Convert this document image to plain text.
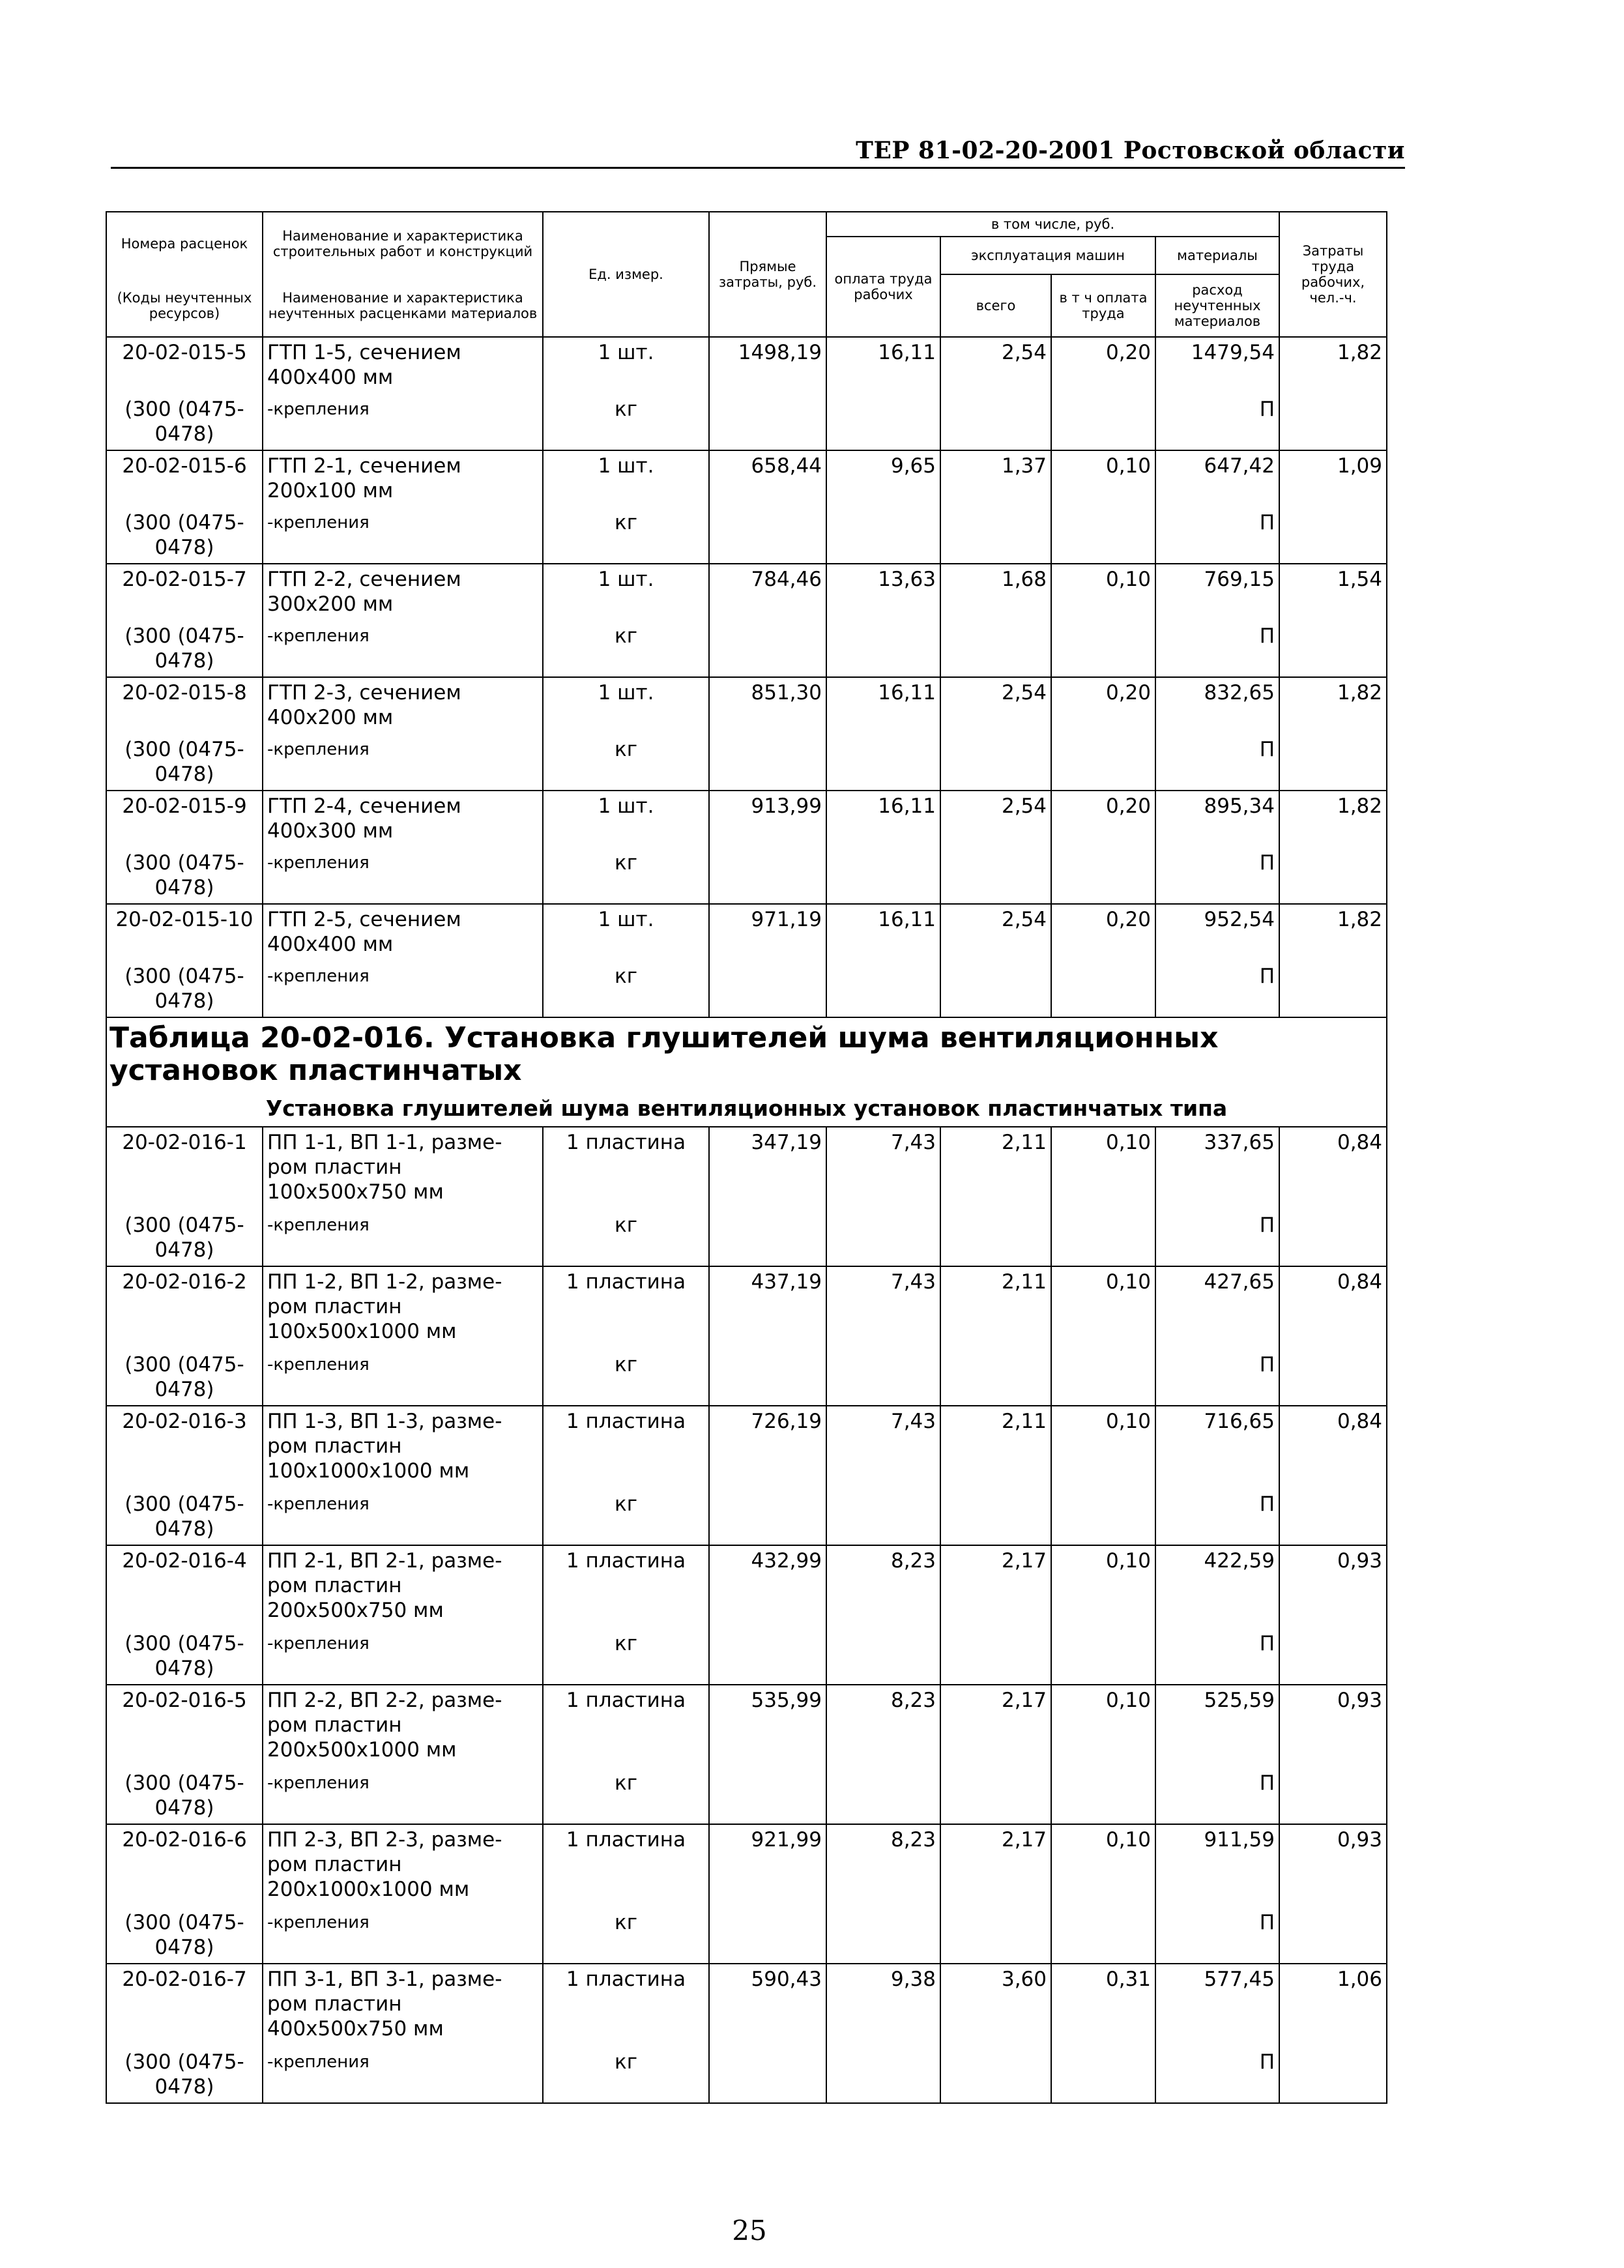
ТЕР 81-02-20-2001 Ростовской области
Номера расценок	Наименование и характеристика строительных работ и конструкций	Ед. измер.	Прямые затраты, руб.	в том числе, руб.				Затраты труда рабочих, чел.-ч.
				оплата труда рабочих	эксплуатация машин		материалы	
(Коды неучтенных ресурсов)	Наименование и характеристика неучтенных расценками материалов				всего	в т ч оплата труда	расход неучтенных материалов	

20-02-015-5	ГТП 1-5, сечением 400x400 мм	1 шт.	1498,19	16,11	2,54	0,20	1479,54	1,82
(300 (0475-0478)	-крепления	кг					П	
20-02-015-6	ГТП 2-1, сечением 200x100 мм	1 шт.	658,44	9,65	1,37	0,10	647,42	1,09
(300 (0475-0478)	-крепления	кг					П	
20-02-015-7	ГТП 2-2, сечением 300x200 мм	1 шт.	784,46	13,63	1,68	0,10	769,15	1,54
(300 (0475-0478)	-крепления	кг					П	
20-02-015-8	ГТП 2-3, сечением 400x200 мм	1 шт.	851,30	16,11	2,54	0,20	832,65	1,82
(300 (0475-0478)	-крепления	кг					П	
20-02-015-9	ГТП 2-4, сечением 400x300 мм	1 шт.	913,99	16,11	2,54	0,20	895,34	1,82
(300 (0475-0478)	-крепления	кг					П	
20-02-015-10	ГТП 2-5, сечением 400x400 мм	1 шт.	971,19	16,11	2,54	0,20	952,54	1,82
(300 (0475-0478)	-крепления	кг					П	
Таблица 20-02-016. Установка глушителей шума вентиляционных установок пластинчатых								
Установка глушителей шума вентиляционных установок пластинчатых типа								
20-02-016-1	ПП 1-1, ВП 1-1, разме-ром пластин 100x500x750 мм	1 пластина	347,19	7,43	2,11	0,10	337,65	0,84
(300 (0475-0478)	-крепления	кг					П	
20-02-016-2	ПП 1-2, ВП 1-2, разме-ром пластин 100x500x1000 мм	1 пластина	437,19	7,43	2,11	0,10	427,65	0,84
(300 (0475-0478)	-крепления	кг					П	
20-02-016-3	ПП 1-3, ВП 1-3, разме-ром пластин 100x1000x1000 мм	1 пластина	726,19	7,43	2,11	0,10	716,65	0,84
(300 (0475-0478)	-крепления	кг					П	
20-02-016-4	ПП 2-1, ВП 2-1, разме-ром пластин 200x500x750 мм	1 пластина	432,99	8,23	2,17	0,10	422,59	0,93
(300 (0475-0478)	-крепления	кг					П	
20-02-016-5	ПП 2-2, ВП 2-2, разме-ром пластин 200x500x1000 мм	1 пластина	535,99	8,23	2,17	0,10	525,59	0,93
(300 (0475-0478)	-крепления	кг					П	
20-02-016-6	ПП 2-3, ВП 2-3, разме-ром пластин 200x1000x1000 мм	1 пластина	921,99	8,23	2,17	0,10	911,59	0,93
(300 (0475-0478)	-крепления	кг					П	
20-02-016-7	ПП 3-1, ВП 3-1, разме-ром пластин 400x500x750 мм	1 пластина	590,43	9,38	3,60	0,31	577,45	1,06
(300 (0475-0478)	-крепления	кг					П	
25
